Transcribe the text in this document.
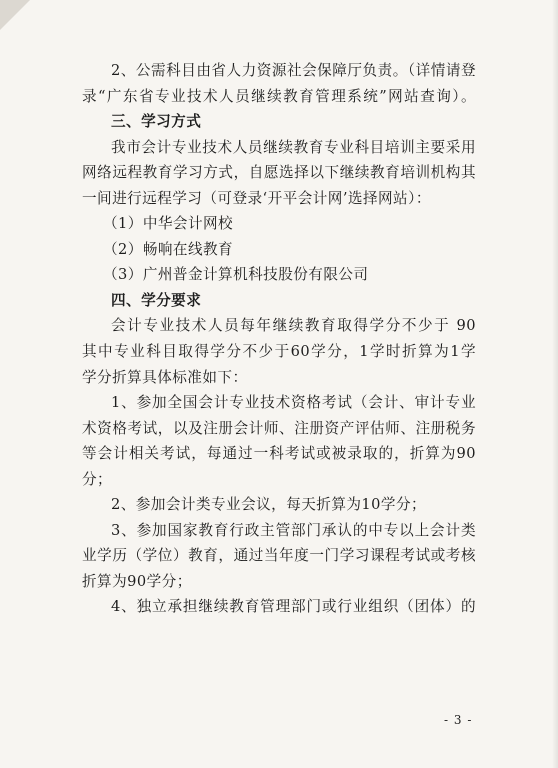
2、公需科目由省人力资源社会保障厅负责。（详情请登
录“广东省专业技术人员继续教育管理系统”网站查询）。
三、学习方式
我市会计专业技术人员继续教育专业科目培训主要采用
网络远程教育学习方式，自愿选择以下继续教育培训机构其
一间进行远程学习（可登录‘开平会计网’选择网站）：
（1）中华会计网校
（2）畅响在线教育
（3）广州普金计算机科技股份有限公司
四、学分要求
会计专业技术人员每年继续教育取得学分不少于 90
其中专业科目取得学分不少于60学分，1学时折算为1学
学分折算具体标准如下：
1、参加全国会计专业技术资格考试（会计、审计专业
术资格考试，以及注册会计师、注册资产评估师、注册税务
等会计相关考试，每通过一科考试或被录取的，折算为90
分；
2、参加会计类专业会议，每天折算为10学分；
3、参加国家教育行政主管部门承认的中专以上会计类
业学历（学位）教育，通过当年度一门学习课程考试或考核
折算为90学分；
4、独立承担继续教育管理部门或行业组织（团体）的
- 3 -
